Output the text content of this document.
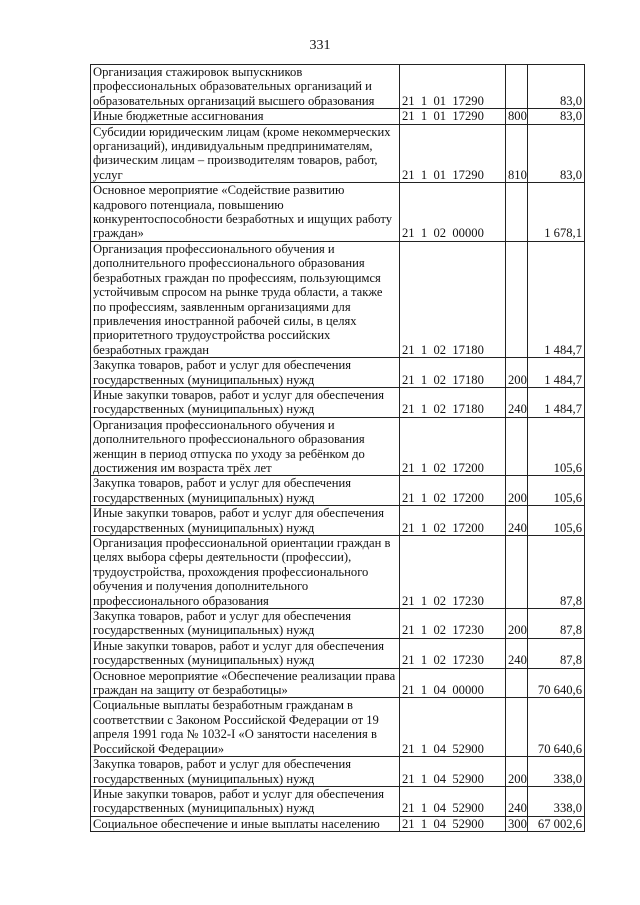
331
Организация стажировок выпускников профессиональных образовательных организаций и образовательных организаций высшего образования	21  1  01  17290		83,0

Иные бюджетные ассигнования	21  1  01  17290	800	83,0

Субсидии юридическим лицам (кроме некоммерческих организаций), индивидуальным предпринимателям, физическим лицам – производителям товаров, работ, услуг	21  1  01  17290	810	83,0

Основное мероприятие «Содействие развитию кадрового потенциала, повышению конкурентоспособности безработных и ищущих работу граждан»	21  1  02  00000		1 678,1

Организация профессионального обучения и дополнительного профессионального образования безработных граждан по профессиям, пользующимся устойчивым спросом на рынке труда области, а также по профессиям, заявленным организациями для привлечения иностранной рабочей силы, в целях приоритетного трудоустройства российских безработных граждан	21  1  02  17180		1 484,7

Закупка товаров, работ и услуг для обеспечения государственных (муниципальных) нужд	21  1  02  17180	200	1 484,7

Иные закупки товаров, работ и услуг для обеспечения государственных (муниципальных) нужд	21  1  02  17180	240	1 484,7

Организация профессионального обучения и дополнительного профессионального образования женщин в период отпуска по уходу за ребёнком до достижения им возраста трёх лет	21  1  02  17200		105,6

Закупка товаров, работ и услуг для обеспечения государственных (муниципальных) нужд	21  1  02  17200	200	105,6

Иные закупки товаров, работ и услуг для обеспечения государственных (муниципальных) нужд	21  1  02  17200	240	105,6

Организация профессиональной ориентации граждан в целях выбора сферы деятельности (профессии), трудоустройства, прохождения профессионального обучения и получения дополнительного профессионального образования	21  1  02  17230		87,8

Закупка товаров, работ и услуг для обеспечения государственных (муниципальных) нужд	21  1  02  17230	200	87,8

Иные закупки товаров, работ и услуг для обеспечения государственных (муниципальных) нужд	21  1  02  17230	240	87,8

Основное мероприятие «Обеспечение реализации права граждан на защиту от безработицы»	21  1  04  00000		70 640,6

Социальные выплаты безработным гражданам в соответствии с Законом Российской Федерации от 19 апреля 1991 года № 1032-I «О занятости населения в Российской Федерации»	21  1  04  52900		70 640,6

Закупка товаров, работ и услуг для обеспечения государственных (муниципальных) нужд	21  1  04  52900	200	338,0

Иные закупки товаров, работ и услуг для обеспечения государственных (муниципальных) нужд	21  1  04  52900	240	338,0

Социальное обеспечение и иные выплаты населению	21  1  04  52900	300	67 002,6
